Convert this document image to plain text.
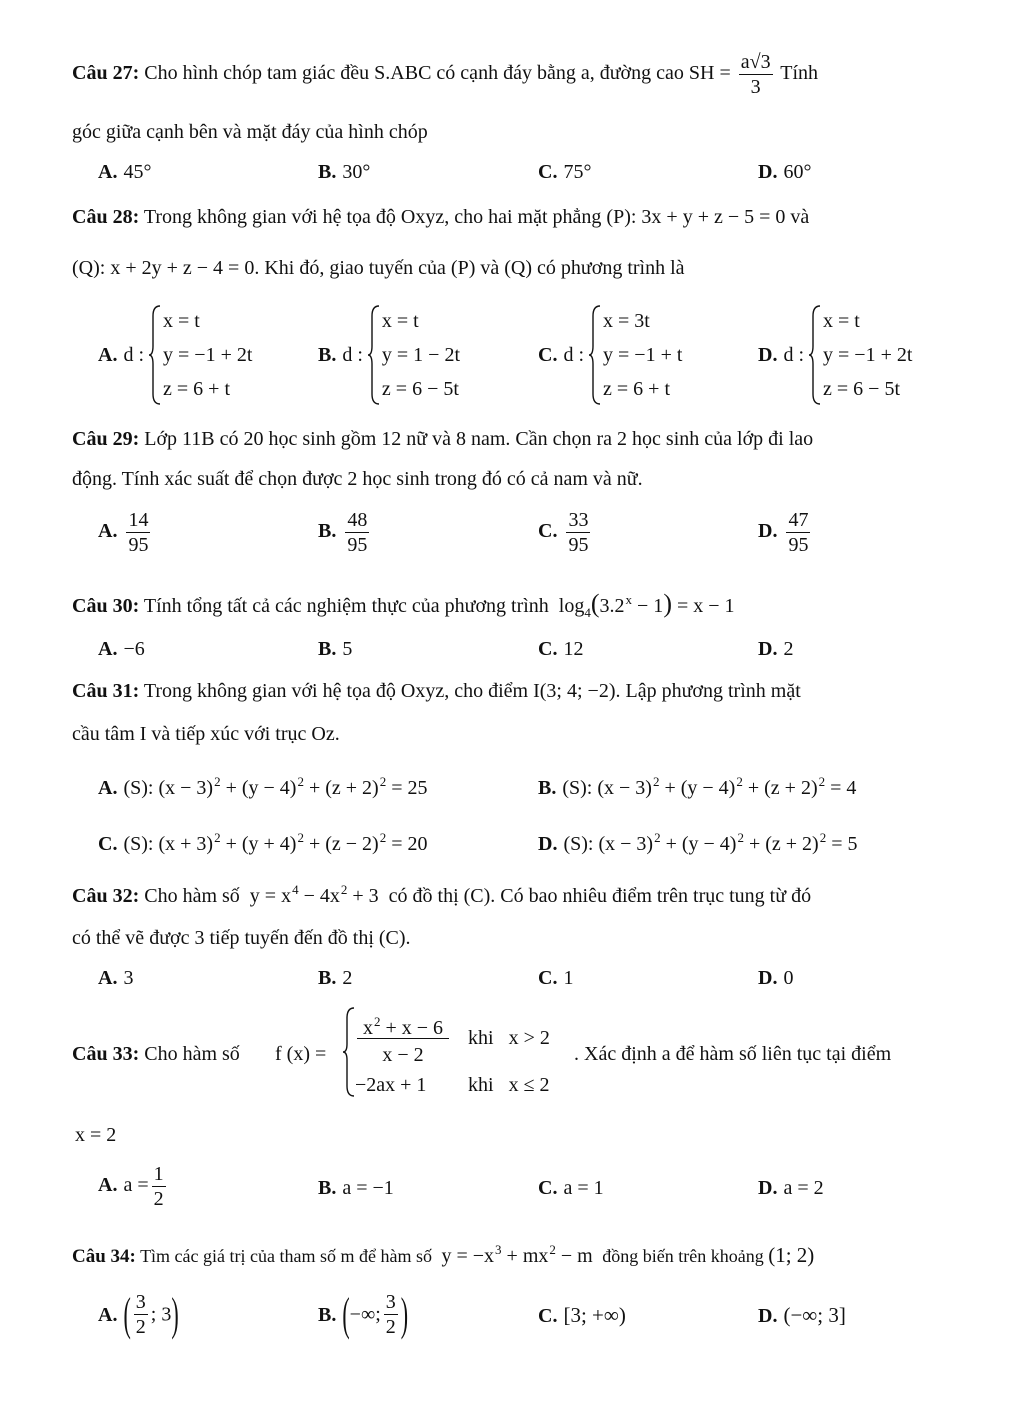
Câu 27: Cho hình chóp tam giác đều S.ABC có cạnh đáy bằng a, đường cao SH = $\frac{a√3}{3}$ Tính
góc giữa cạnh bên và mặt đáy của hình chóp
A. 45°	B. 30°	C. 75°	D. 60°
Câu 28: Trong không gian với hệ tọa độ Oxyz, cho hai mặt phẳng (P): 3x + y + z − 5 = 0 và
(Q): x + 2y + z − 4 = 0. Khi đó, giao tuyến của (P) và (Q) có phương trình là
A. d :
x = t
y = −1 + 2t
z = 6 + t
B. d :
x = t
y = 1 − 2t
z = 6 − 5t
C. d :
x = 3t
y = −1 + t
z = 6 + t
D. d :
x = t
y = −1 + 2t
z = 6 − 5t
Câu 29: Lớp 11B có 20 học sinh gồm 12 nữ và 8 nam. Cần chọn ra 2 học sinh của lớp đi lao
động. Tính xác suất để chọn được 2 học sinh trong đó có cả nam và nữ.
A. $\frac{14}{95}$	B. $\frac{48}{95}$	C. $\frac{33}{95}$	D. $\frac{47}{95}$
Câu 30: Tính tổng tất cả các nghiệm thực của phương trình $\log_4(3.2^x - 1) = x - 1$
A. −6	B. 5	C. 12	D. 2
Câu 31: Trong không gian với hệ tọa độ Oxyz, cho điểm I(3; 4; −2). Lập phương trình mặt
cầu tâm I và tiếp xúc với trục Oz.
A. (S): $(x - 3)^2 + (y - 4)^2 + (z + 2)^2 = 25$	B. (S): $(x - 3)^2 + (y - 4)^2 + (z + 2)^2 = 4$
C. (S): $(x + 3)^2 + (y + 4)^2 + (z - 2)^2 = 20$	D. (S): $(x - 3)^2 + (y - 4)^2 + (z + 2)^2 = 5$
Câu 32: Cho hàm số $y = x^4 - 4x^2 + 3$ có đồ thị (C). Có bao nhiêu điểm trên trục tung từ đó
có thể vẽ được 3 tiếp tuyến đến đồ thị (C).
A. 3	B. 2	C. 1	D. 0
Câu 33: Cho hàm số	f (x) =
$x^2 + x - 6$
x − 2
khi x > 2
−2ax + 1 khi x ≤ 2
. Xác định a để hàm số liên tục tại điểm
x = 2
A. $a = \frac{1}{2}$	B. a = −1	C. a = 1	D. a = 2
Câu 34: Tìm các giá trị của tham số m để hàm số $y = -x^3 + mx^2 - m$ đồng biến trên khoảng (1; 2)
A. ( $\frac{3}{2}$ ; 3)	B. (−∞; $\frac{3}{2}$ )	C. [3; +∞)	D. (−∞; 3]
